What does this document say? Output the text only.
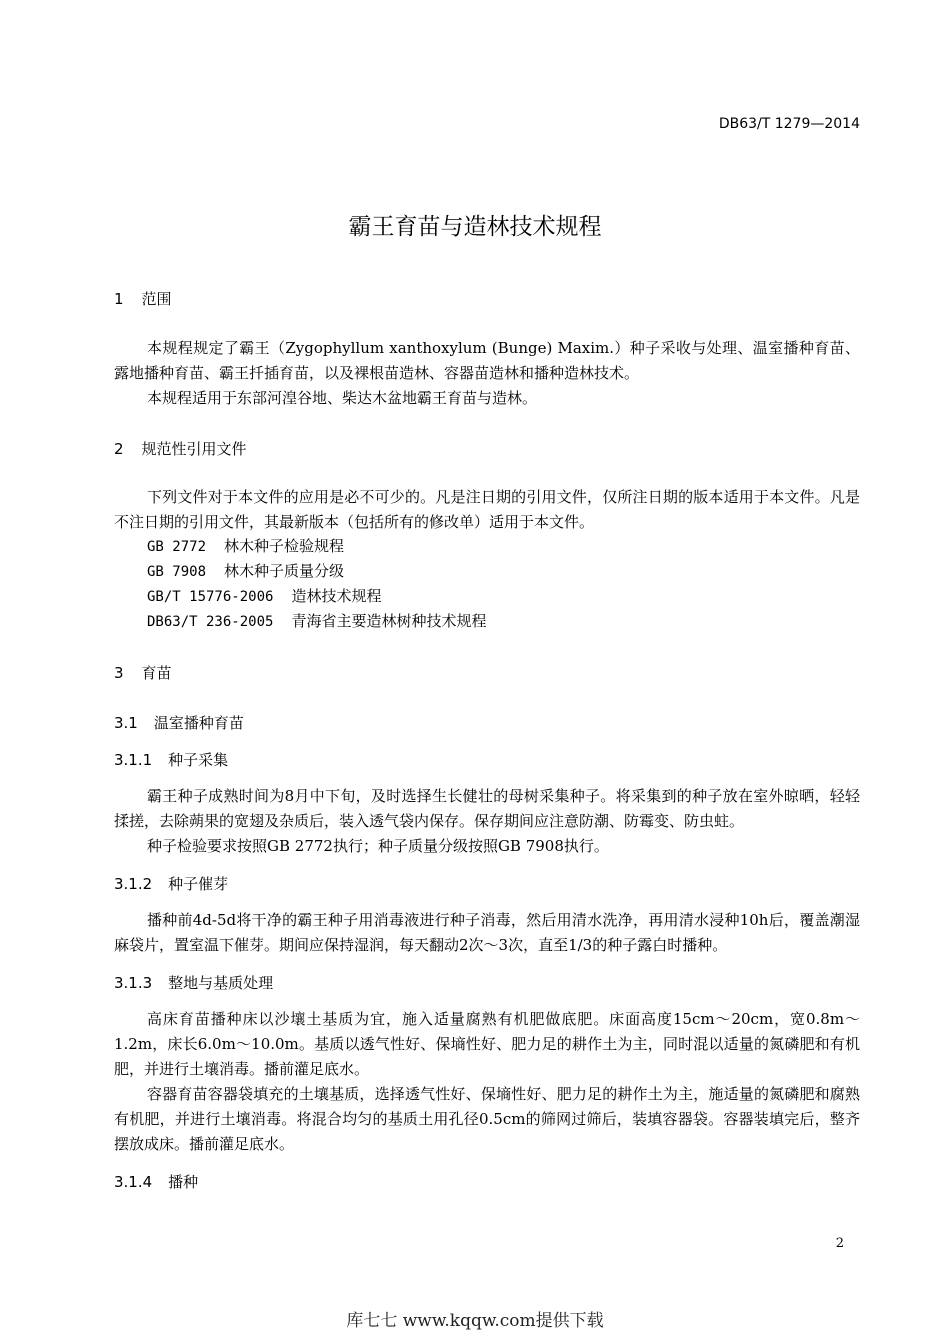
DB63/T 1279—2014
霸王育苗与造林技术规程
1 范围
本规程规定了霸王（Zygophyllum xanthoxylum (Bunge) Maxim.）种子采收与处理、温室播种育苗、露地播种育苗、霸王扦插育苗，以及裸根苗造林、容器苗造林和播种造林技术。
本规程适用于东部河湟谷地、柴达木盆地霸王育苗与造林。
2 规范性引用文件
下列文件对于本文件的应用是必不可少的。凡是注日期的引用文件，仅所注日期的版本适用于本文件。凡是不注日期的引用文件，其最新版本（包括所有的修改单）适用于本文件。
GB 2772 林木种子检验规程
GB 7908 林木种子质量分级
GB/T 15776-2006 造林技术规程
DB63/T 236-2005 青海省主要造林树种技术规程
3 育苗
3.1 温室播种育苗
3.1.1 种子采集
霸王种子成熟时间为8月中下旬，及时选择生长健壮的母树采集种子。将采集到的种子放在室外晾晒，轻轻揉搓，去除蒴果的宽翅及杂质后，装入透气袋内保存。保存期间应注意防潮、防霉变、防虫蛀。
种子检验要求按照GB 2772执行；种子质量分级按照GB 7908执行。
3.1.2 种子催芽
播种前4d-5d将干净的霸王种子用消毒液进行种子消毒，然后用清水洗净，再用清水浸种10h后，覆盖潮湿麻袋片，置室温下催芽。期间应保持湿润，每天翻动2次～3次，直至1/3的种子露白时播种。
3.1.3 整地与基质处理
高床育苗播种床以沙壤土基质为宜，施入适量腐熟有机肥做底肥。床面高度15cm～20cm，宽0.8m～1.2m，床长6.0m～10.0m。基质以透气性好、保墒性好、肥力足的耕作土为主，同时混以适量的氮磷肥和有机肥，并进行土壤消毒。播前灌足底水。
容器育苗容器袋填充的土壤基质，选择透气性好、保墒性好、肥力足的耕作土为主，施适量的氮磷肥和腐熟有机肥，并进行土壤消毒。将混合均匀的基质土用孔径0.5cm的筛网过筛后，装填容器袋。容器装填完后，整齐摆放成床。播前灌足底水。
3.1.4 播种
2
库七七 www.kqqw.com提供下载
